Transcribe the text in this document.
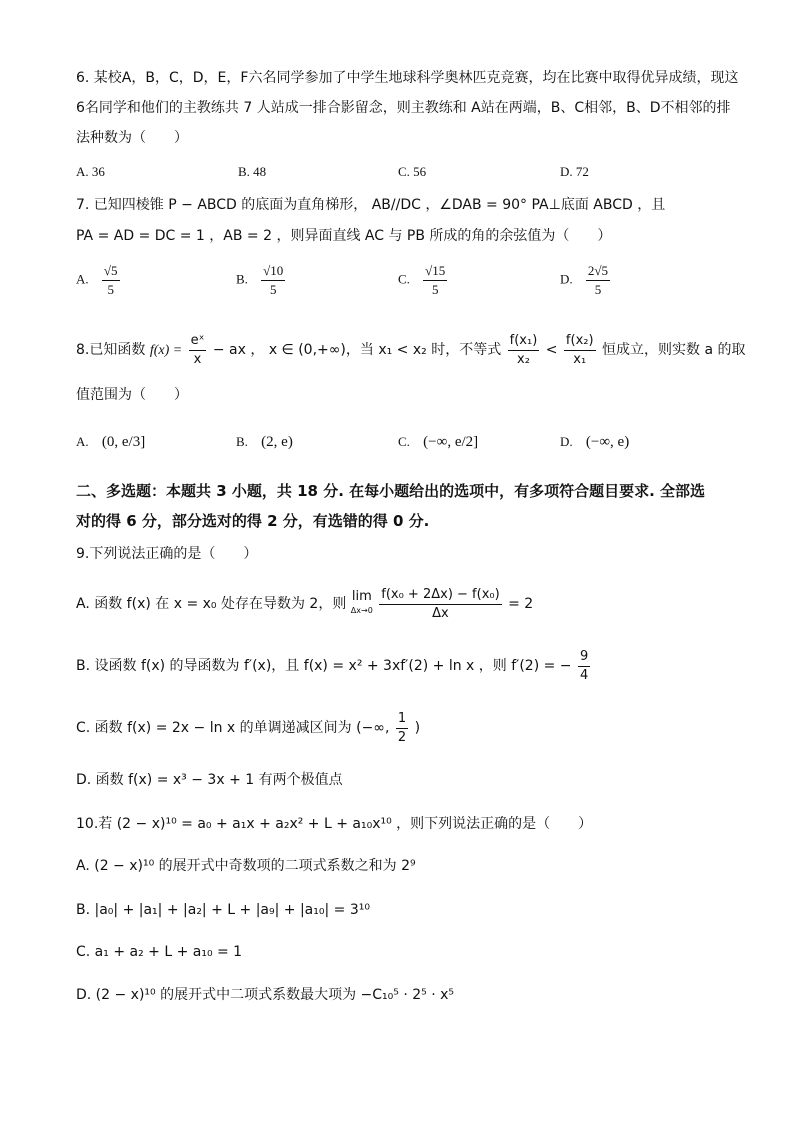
6. 某校A，B，C，D，E，F六名同学参加了中学生地球科学奥林匹克竞赛，均在比赛中取得优异成绩，现这
6名同学和他们的主教练共 7 人站成一排合影留念，则主教练和 A站在两端，B、C相邻，B、D不相邻的排
法种数为（　　）
A. 36	B. 48	C. 56	D. 72
7. 已知四棱锥 P − ABCD 的底面为直角梯形， AB//DC ，∠DAB = 90° PA⊥底面 ABCD ，且
PA = AD = DC = 1 ，AB = 2 ，则异面直线 AC 与 PB 所成的角的余弦值为（　　）
A. $\frac{√5}{5}$	B. $\frac{√10}{5}$	C. $\frac{√15}{5}$	D. $\frac{2√5}{5}$
8.已知函数 $f(x) = \frac{\text{eˣ}}{x}$ − ax ， x ∈ (0,+∞)，当 x₁ < x₂ 时，不等式 $\frac{\text{f(x₁)}}{\text{x₂}} < \frac{\text{f(x₂)}}{\text{x₁}}$ 恒成立，则实数 a 的取
值范围为（　　）
A. (0, e/3]	B. (2, e)	C. (−∞, e/2]	D. (−∞, e)
二、多选题：本题共 3 小题，共 18 分. 在每小题给出的选项中，有多项符合题目要求. 全部选
对的得 6 分，部分选对的得 2 分，有选错的得 0 分.
9.下列说法正确的是（　　）
A. 函数 f(x) 在 x = x₀ 处存在导数为 2，则 lim
Δx→0
$\frac{\text{f(x₀ + 2Δx) − f(x₀)}}{\Delta x} = 2$
B. 设函数 f(x) 的导函数为 f′(x)，且 f(x) = x² + 3xf′(2) + ln x ，则 f′(2) = − $\frac{9}{4}$
C. 函数 f(x) = 2x − ln x 的单调递减区间为 (−∞, $\frac{1}{2}$ )
D. 函数 f(x) = x³ − 3x + 1 有两个极值点
10.若 (2 − x)¹⁰ = a₀ + a₁x + a₂x² + L + a₁₀x¹⁰ ，则下列说法正确的是（　　）
A. (2 − x)¹⁰ 的展开式中奇数项的二项式系数之和为 2⁹
B. |a₀| + |a₁| + |a₂| + L + |a₉| + |a₁₀| = 3¹⁰
C. a₁ + a₂ + L + a₁₀ = 1
D. (2 − x)¹⁰ 的展开式中二项式系数最大项为 −C₁₀⁵ · 2⁵ · x⁵
